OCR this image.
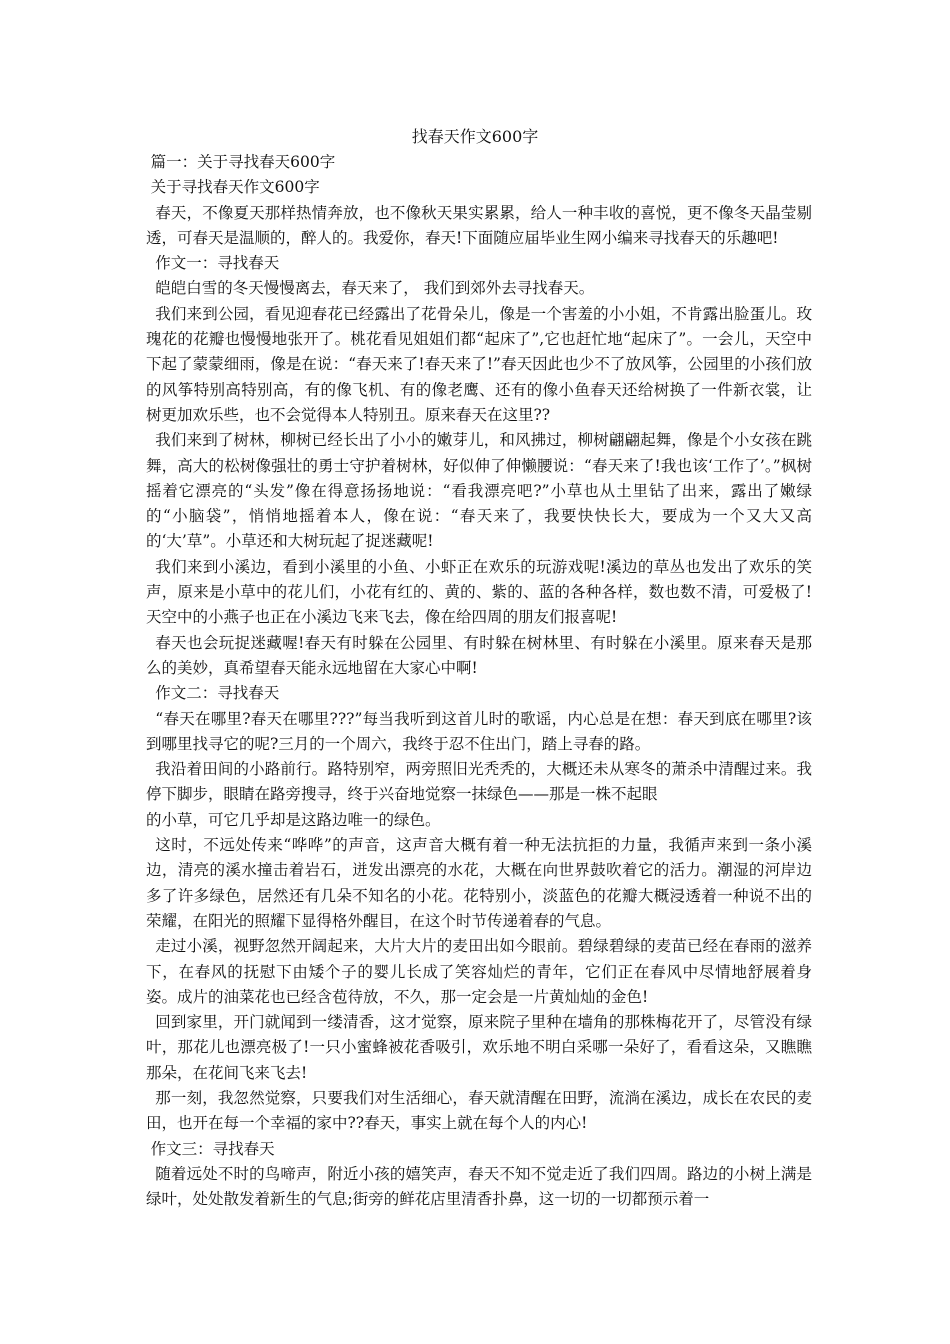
找春天作文600字

篇一：关于寻找春天600字

关于寻找春天作文600字

春天，不像夏天那样热情奔放，也不像秋天果实累累，给人一种丰收的喜悦，更不像冬天晶莹剔透，可春天是温顺的，醉人的。我爱你，春天!下面随应届毕业生网小编来寻找春天的乐趣吧!

作文一：寻找春天

皑皑白雪的冬天慢慢离去，春天来了， 我们到郊外去寻找春天。

我们来到公园，看见迎春花已经露出了花骨朵儿，像是一个害羞的小小姐，不肯露出脸蛋儿。玫瑰花的花瓣也慢慢地张开了。桃花看见姐姐们都“起床了”,它也赶忙地“起床了”。一会儿，天空中下起了蒙蒙细雨，像是在说：“春天来了!春天来了!”春天因此也少不了放风筝，公园里的小孩们放的风筝特别高特别高，有的像飞机、有的像老鹰、还有的像小鱼春天还给树换了一件新衣裳，让树更加欢乐些，也不会觉得本人特别丑。原来春天在这里??

我们来到了树林，柳树已经长出了小小的嫩芽儿，和风拂过，柳树翩翩起舞，像是个小女孩在跳舞，高大的松树像强壮的勇士守护着树林，好似伸了伸懒腰说：“春天来了!我也该‘工作了’。”枫树摇着它漂亮的“头发”像在得意扬扬地说：“看我漂亮吧?”小草也从土里钻了出来，露出了嫩绿的“小脑袋”，悄悄地摇着本人，像在说：“春天来了，我要快快长大，要成为一个又大又高的‘大’草”。小草还和大树玩起了捉迷藏呢!

我们来到小溪边，看到小溪里的小鱼、小虾正在欢乐的玩游戏呢!溪边的草丛也发出了欢乐的笑声，原来是小草中的花儿们，小花有红的、黄的、紫的、蓝的各种各样，数也数不清，可爱极了!天空中的小燕子也正在小溪边飞来飞去，像在给四周的朋友们报喜呢!

春天也会玩捉迷藏喔!春天有时躲在公园里、有时躲在树林里、有时躲在小溪里。原来春天是那么的美妙，真希望春天能永远地留在大家心中啊!

作文二：寻找春天

“春天在哪里?春天在哪里???”每当我听到这首儿时的歌谣，内心总是在想：春天到底在哪里?该到哪里找寻它的呢?三月的一个周六，我终于忍不住出门，踏上寻春的路。

我沿着田间的小路前行。路特别窄，两旁照旧光秃秃的，大概还未从寒冬的萧杀中清醒过来。我停下脚步，眼睛在路旁搜寻，终于兴奋地觉察一抹绿色——那是一株不起眼

的小草，可它几乎却是这路边唯一的绿色。

这时，不远处传来“哗哗”的声音，这声音大概有着一种无法抗拒的力量，我循声来到一条小溪边，清亮的溪水撞击着岩石，迸发出漂亮的水花，大概在向世界鼓吹着它的活力。潮湿的河岸边多了许多绿色，居然还有几朵不知名的小花。花特别小，淡蓝色的花瓣大概浸透着一种说不出的荣耀，在阳光的照耀下显得格外醒目，在这个时节传递着春的气息。

走过小溪，视野忽然开阔起来，大片大片的麦田出如今眼前。碧绿碧绿的麦苗已经在春雨的滋养下，在春风的抚慰下由矮个子的婴儿长成了笑容灿烂的青年，它们正在春风中尽情地舒展着身姿。成片的油菜花也已经含苞待放，不久，那一定会是一片黄灿灿的金色!

回到家里，开门就闻到一缕清香，这才觉察，原来院子里种在墙角的那株梅花开了，尽管没有绿叶，那花儿也漂亮极了!一只小蜜蜂被花香吸引，欢乐地不明白采哪一朵好了，看看这朵，又瞧瞧那朵，在花间飞来飞去!

那一刻，我忽然觉察，只要我们对生活细心，春天就清醒在田野，流淌在溪边，成长在农民的麦田，也开在每一个幸福的家中??春天，事实上就在每个人的内心!

作文三：寻找春天

随着远处不时的鸟啼声，附近小孩的嬉笑声，春天不知不觉走近了我们四周。路边的小树上满是绿叶，处处散发着新生的气息;街旁的鲜花店里清香扑鼻，这一切的一切都预示着一
